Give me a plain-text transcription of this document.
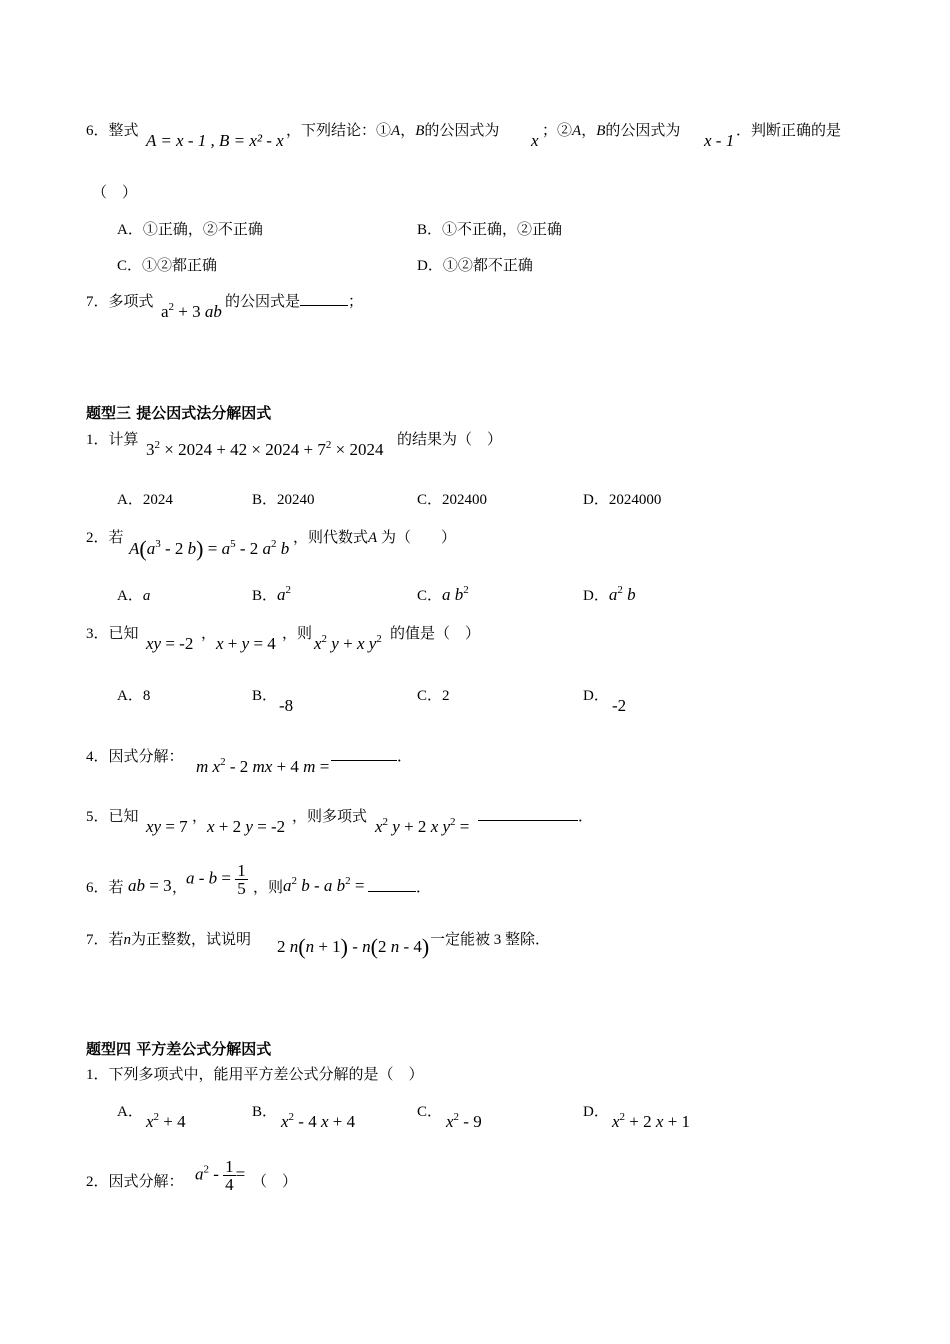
6．整式 A = x - 1 , B = x² - x ，下列结论：①A，B的公因式为 x ；②A，B的公因式为 x - 1 ．判断正确的是
（　）
A．①正确，②不正确	B．①不正确，②正确
C．①②都正确	D．①②都不正确
7．多项式 $a^2 + 3$ ab 的公因式是	；
题型三 提公因式法分解因式
1．计算 $3^2 \times 2024 + 42 \times 2024 + 7^2 \times 2024$ 的结果为（　）
A．2024	B．20240	C．202400	D．2024000
2．若
$A(a^3 - 2$ $b) = a^5 - 2$ $a^2$ b
，则代数式A 为（　　）
A．a	B．$a^2$	C．a $b^2$	D．$a^2$ b
3．已知 xy = -2 ， x + y = 4 ，则 $x^2$ y + x $y^2$ 的值是（　）
A．8	B． -8	C．2	D． -2
4．因式分解： m $x^2 - 2$ mx + 4 m =	．
5．已知 xy = 7 ， x + 2 y = -2 ，则多项式 $x^2$ y + 2 x $y^2$ =	．
6．若 ab = 3 ，
$a - b = \frac{1}{5}$ ，则 $a^2$ b - a $b^2$ =	．
7．若n为正整数，试说明 2 n(n + 1) - n(2 n - 4) 一定能被 3 整除．
题型四 平方差公式分解因式
1．下列多项式中，能用平方差公式分解的是（　）
A． $x^2 + 4$	B． $x^2 - 4$ x + 4	C． $x^2 - 9$	D． $x^2 + 2$ x + 1
2．因式分解： $a^2 - \frac{1}{4}$ = （　）
